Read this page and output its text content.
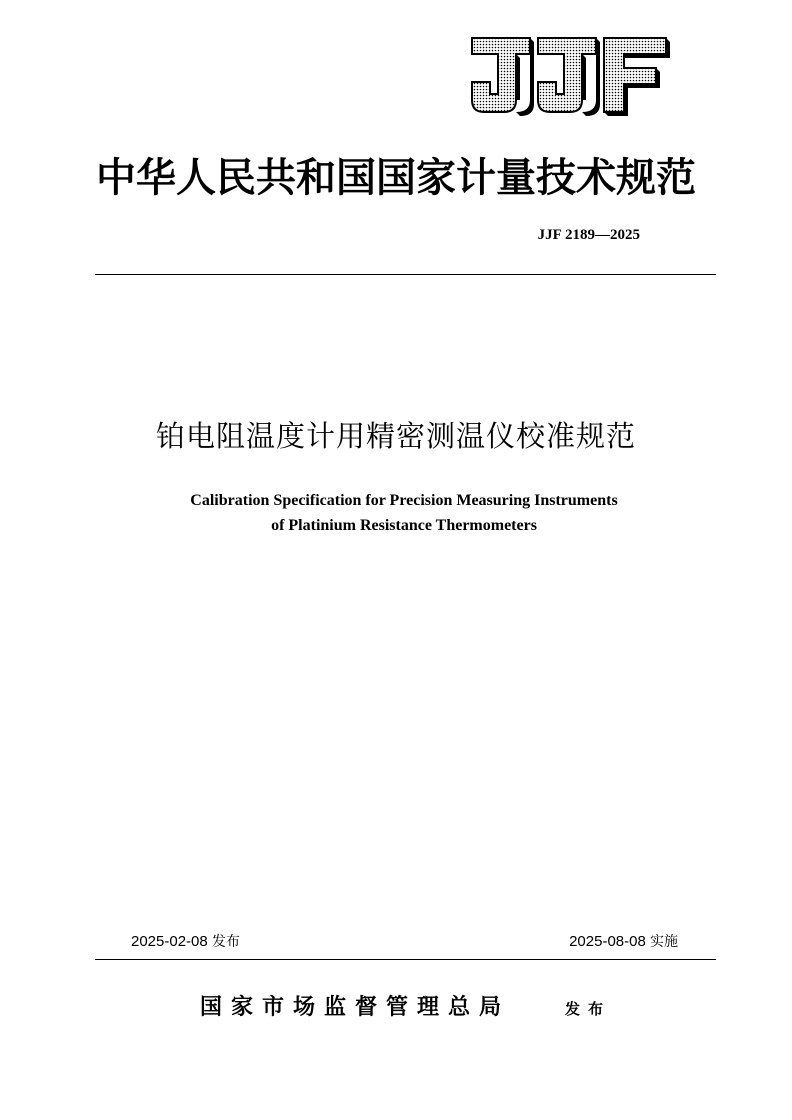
中华人民共和国国家计量技术规范
JJF 2189—2025
铂电阻温度计用精密测温仪校准规范
Calibration Specification for Precision Measuring Instruments
of Platinium Resistance Thermometers
2025-02-08 发布	2025-08-08 实施
国家市场监督管理总局	发布
